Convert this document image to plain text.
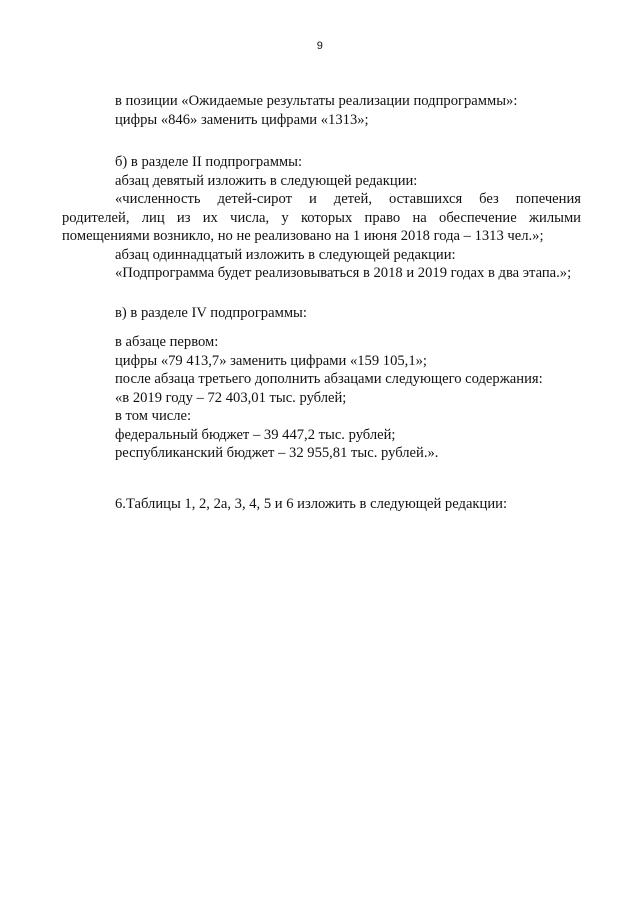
9
в позиции «Ожидаемые результаты реализации подпрограммы»:
цифры «846» заменить цифрами «1313»;
б) в разделе II подпрограммы:
абзац девятый изложить в следующей редакции:
«численность детей-сирот и детей, оставшихся без попечения
родителей, лиц из их числа, у которых право на обеспечение жилыми
помещениями возникло, но не реализовано на 1 июня 2018 года – 1313 чел.»;
абзац одиннадцатый изложить в следующей редакции:
«Подпрограмма будет реализовываться в 2018 и 2019 годах в два этапа.»;
в) в разделе IV подпрограммы:
в абзаце первом:
цифры «79 413,7» заменить цифрами «159 105,1»;
после абзаца третьего дополнить абзацами следующего содержания:
«в 2019 году – 72 403,01 тыс. рублей;
в том числе:
федеральный бюджет – 39 447,2 тыс. рублей;
республиканский бюджет – 32 955,81 тыс. рублей.».
6.Таблицы 1, 2, 2а, 3, 4, 5 и 6 изложить в следующей редакции:
